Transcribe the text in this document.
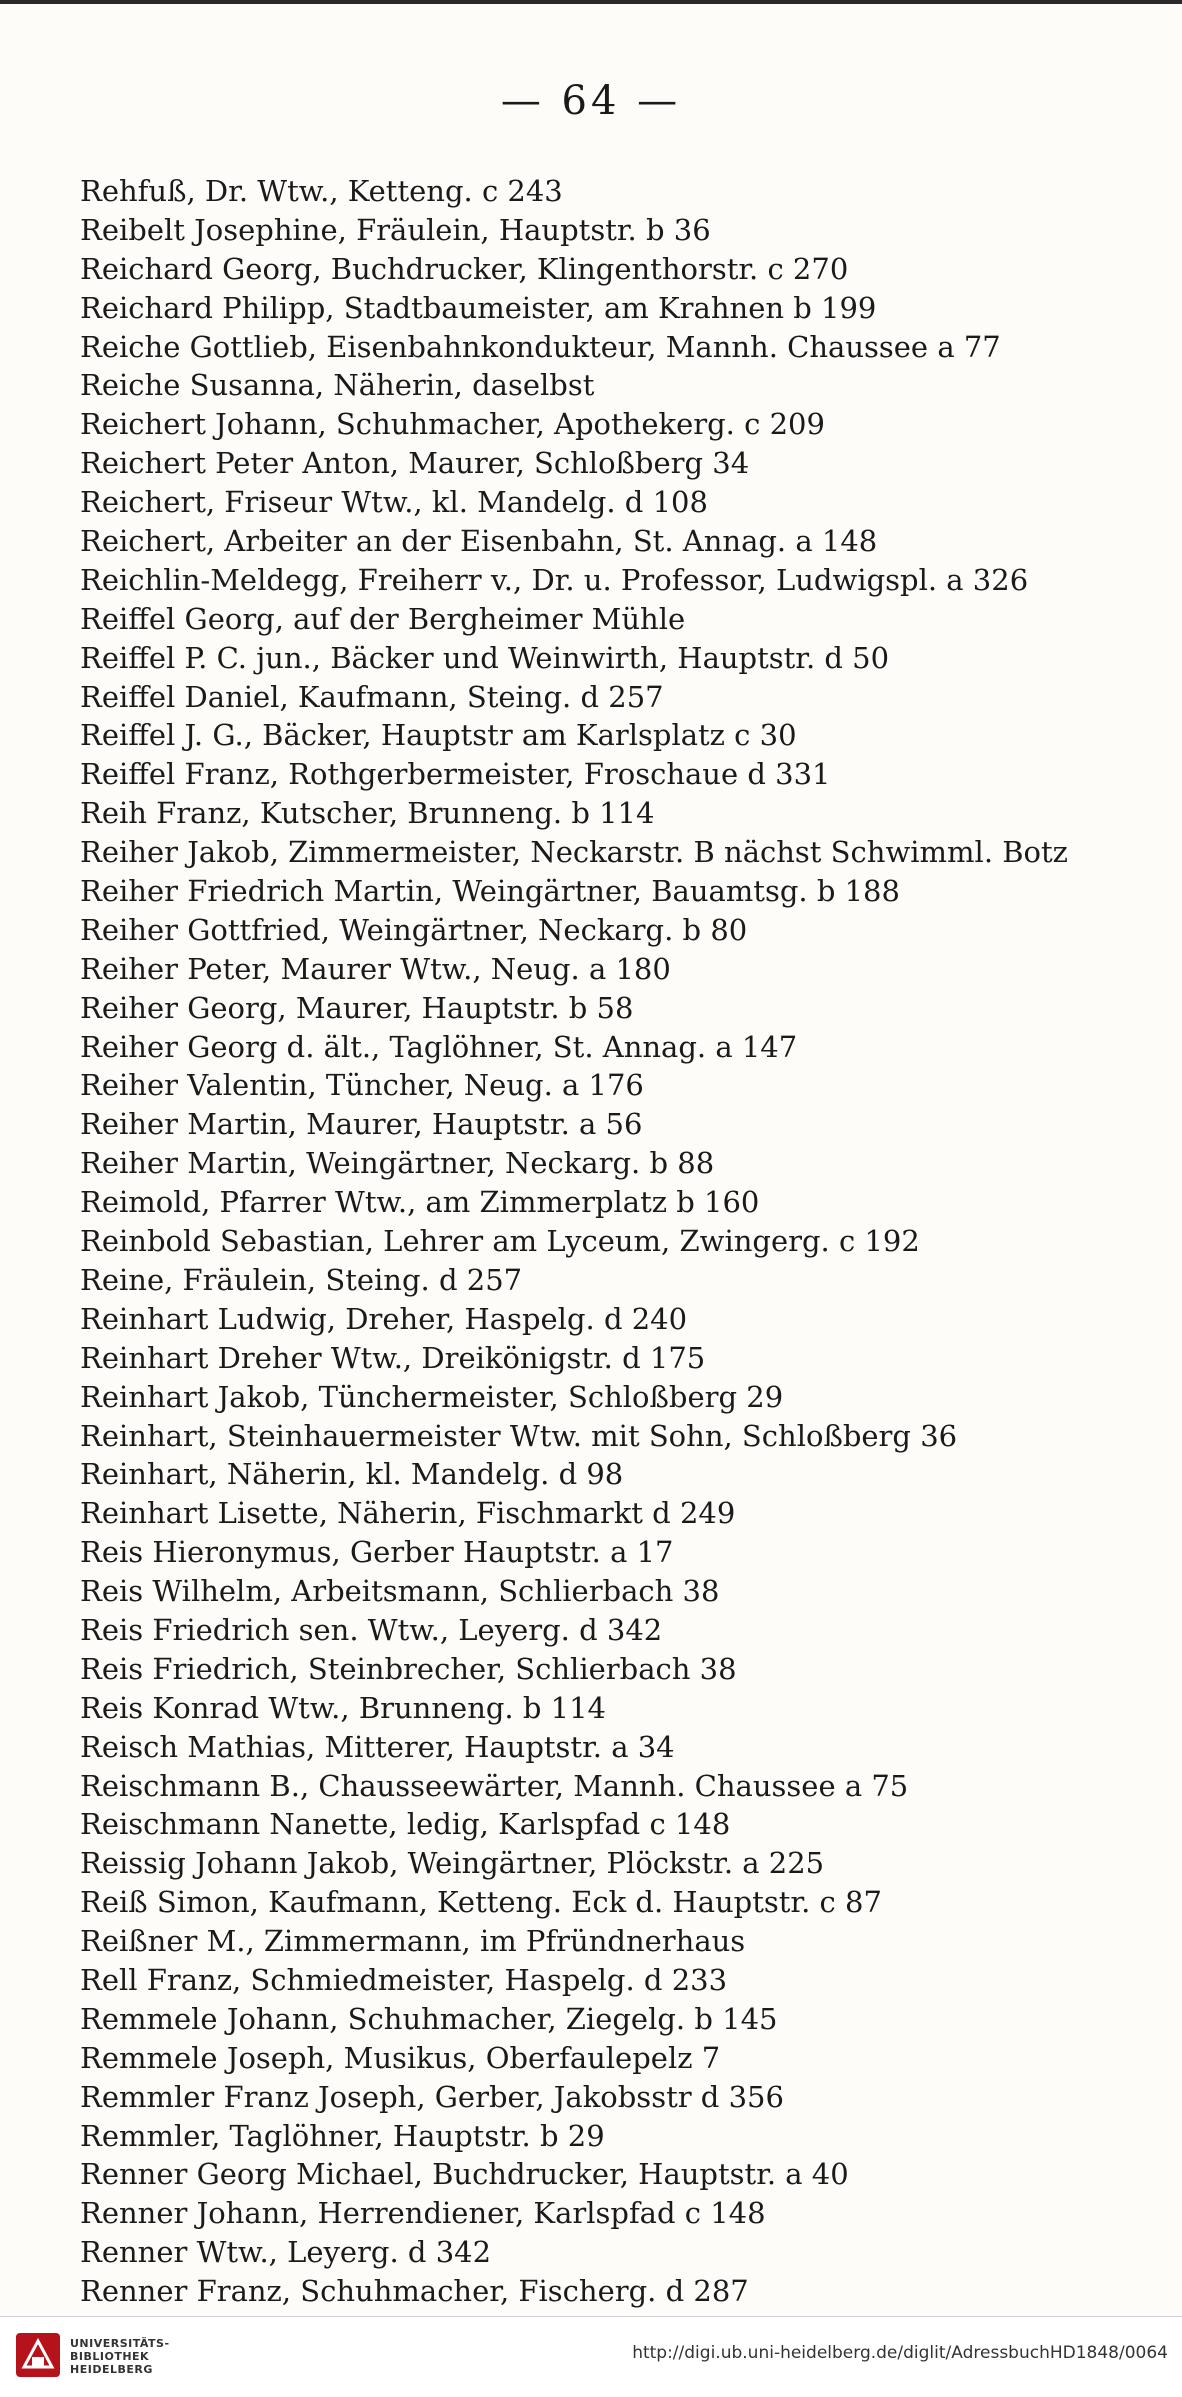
— 64 —
Rehfuß, Dr. Wtw., Ketteng. c 243
Reibelt Josephine, Fräulein, Hauptstr. b 36
Reichard Georg, Buchdrucker, Klingenthorstr. c 270
Reichard Philipp, Stadtbaumeister, am Krahnen b 199
Reiche Gottlieb, Eisenbahnkondukteur, Mannh. Chaussee a 77
Reiche Susanna, Näherin, daselbst
Reichert Johann, Schuhmacher, Apothekerg. c 209
Reichert Peter Anton, Maurer, Schloßberg 34
Reichert, Friseur Wtw., kl. Mandelg. d 108
Reichert, Arbeiter an der Eisenbahn, St. Annag. a 148
Reichlin-Meldegg, Freiherr v., Dr. u. Professor, Ludwigspl. a 326
Reiffel Georg, auf der Bergheimer Mühle
Reiffel P. C. jun., Bäcker und Weinwirth, Hauptstr. d 50
Reiffel Daniel, Kaufmann, Steing. d 257
Reiffel J. G., Bäcker, Hauptstr am Karlsplatz c 30
Reiffel Franz, Rothgerbermeister, Froschaue d 331
Reih Franz, Kutscher, Brunneng. b 114
Reiher Jakob, Zimmermeister, Neckarstr. B nächst Schwimml. Botz
Reiher Friedrich Martin, Weingärtner, Bauamtsg. b 188
Reiher Gottfried, Weingärtner, Neckarg. b 80
Reiher Peter, Maurer Wtw., Neug. a 180
Reiher Georg, Maurer, Hauptstr. b 58
Reiher Georg d. ält., Taglöhner, St. Annag. a 147
Reiher Valentin, Tüncher, Neug. a 176
Reiher Martin, Maurer, Hauptstr. a 56
Reiher Martin, Weingärtner, Neckarg. b 88
Reimold, Pfarrer Wtw., am Zimmerplatz b 160
Reinbold Sebastian, Lehrer am Lyceum, Zwingerg. c 192
Reine, Fräulein, Steing. d 257
Reinhart Ludwig, Dreher, Haspelg. d 240
Reinhart Dreher Wtw., Dreikönigstr. d 175
Reinhart Jakob, Tünchermeister, Schloßberg 29
Reinhart, Steinhauermeister Wtw. mit Sohn, Schloßberg 36
Reinhart, Näherin, kl. Mandelg. d 98
Reinhart Lisette, Näherin, Fischmarkt d 249
Reis Hieronymus, Gerber Hauptstr. a 17
Reis Wilhelm, Arbeitsmann, Schlierbach 38
Reis Friedrich sen. Wtw., Leyerg. d 342
Reis Friedrich, Steinbrecher, Schlierbach 38
Reis Konrad Wtw., Brunneng. b 114
Reisch Mathias, Mitterer, Hauptstr. a 34
Reischmann B., Chausseewärter, Mannh. Chaussee a 75
Reischmann Nanette, ledig, Karlspfad c 148
Reissig Johann Jakob, Weingärtner, Plöckstr. a 225
Reiß Simon, Kaufmann, Ketteng. Eck d. Hauptstr. c 87
Reißner M., Zimmermann, im Pfründnerhaus
Rell Franz, Schmiedmeister, Haspelg. d 233
Remmele Johann, Schuhmacher, Ziegelg. b 145
Remmele Joseph, Musikus, Oberfaulepelz 7
Remmler Franz Joseph, Gerber, Jakobsstr d 356
Remmler, Taglöhner, Hauptstr. b 29
Renner Georg Michael, Buchdrucker, Hauptstr. a 40
Renner Johann, Herrendiener, Karlspfad c 148
Renner Wtw., Leyerg. d 342
Renner Franz, Schuhmacher, Fischerg. d 287
UNIVERSITÄTS-
BIBLIOTHEK
HEIDELBERG
http://digi.ub.uni-heidelberg.de/diglit/AdressbuchHD1848/0064
